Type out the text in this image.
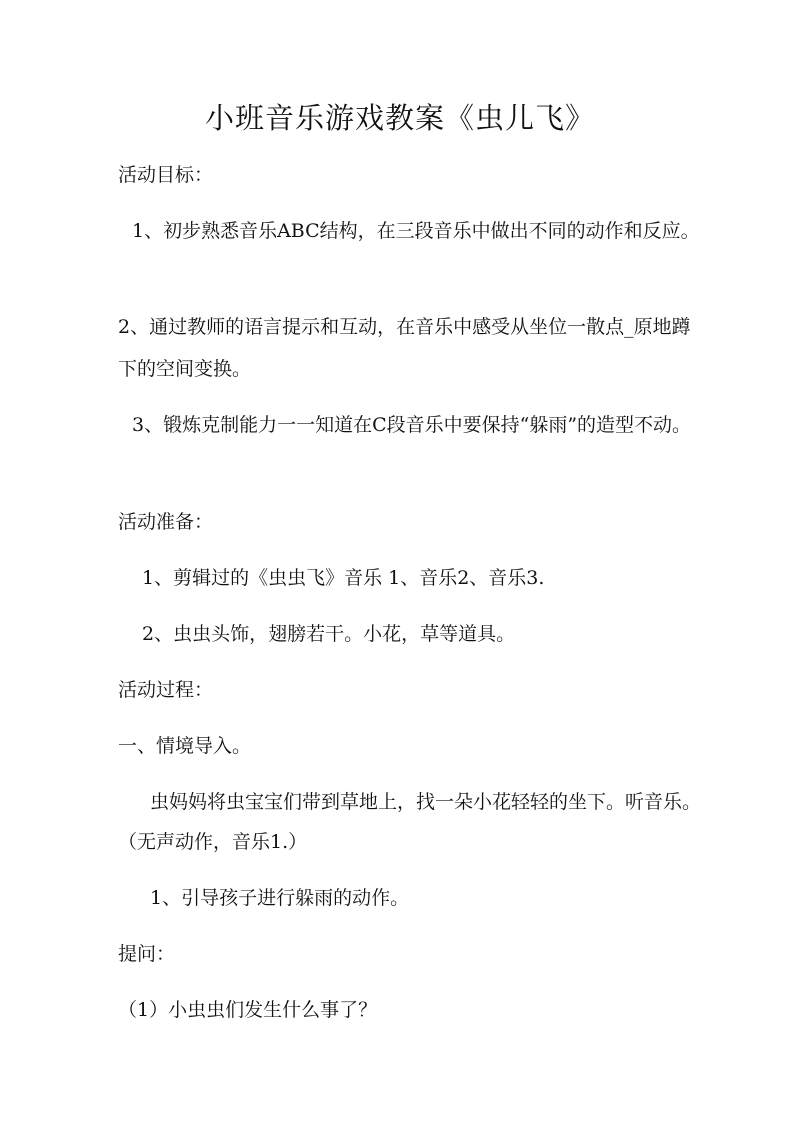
小班音乐游戏教案《虫儿飞》
活动目标：
1、初步熟悉音乐ABC结构，在三段音乐中做出不同的动作和反应。
2、通过教师的语言提示和互动，在音乐中感受从坐位一散点_原地蹲
下的空间变换。
3、锻炼克制能力一一知道在C段音乐中要保持“躲雨”的造型不动。
活动准备：
1、剪辑过的《虫虫飞》音乐 1、音乐2、音乐3.
2、虫虫头饰，翅膀若干。小花，草等道具。
活动过程：
一、情境导入。
虫妈妈将虫宝宝们带到草地上，找一朵小花轻轻的坐下。听音乐。
（无声动作，音乐1.）
1、引导孩子进行躲雨的动作。
提问：
（1）小虫虫们发生什么事了？
